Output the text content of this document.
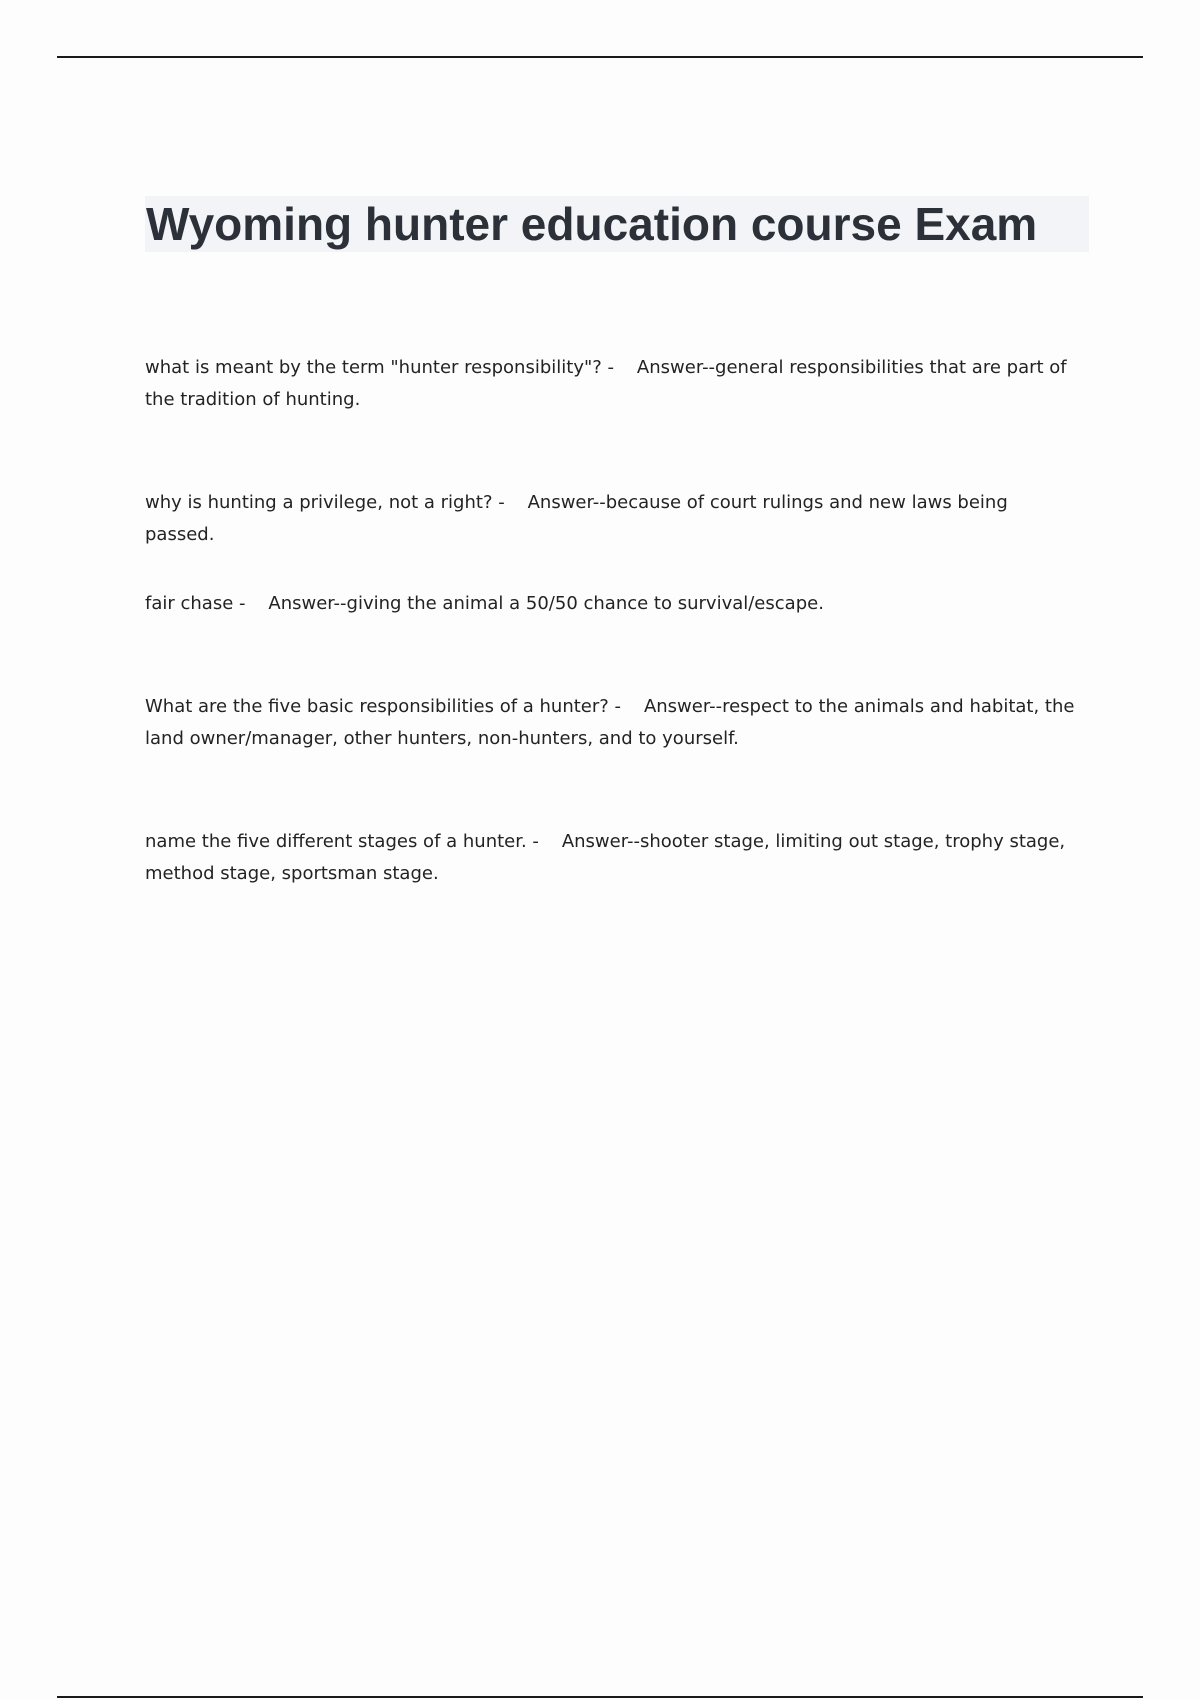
Wyoming hunter education course Exam

what is meant by the term "hunter responsibility"? - Answer--general responsibilities that are part of the tradition of hunting.

why is hunting a privilege, not a right? - Answer--because of court rulings and new laws being passed.

fair chase - Answer--giving the animal a 50/50 chance to survival/escape.

What are the five basic responsibilities of a hunter? - Answer--respect to the animals and habitat, the land owner/manager, other hunters, non-hunters, and to yourself.

name the five different stages of a hunter. - Answer--shooter stage, limiting out stage, trophy stage, method stage, sportsman stage.
